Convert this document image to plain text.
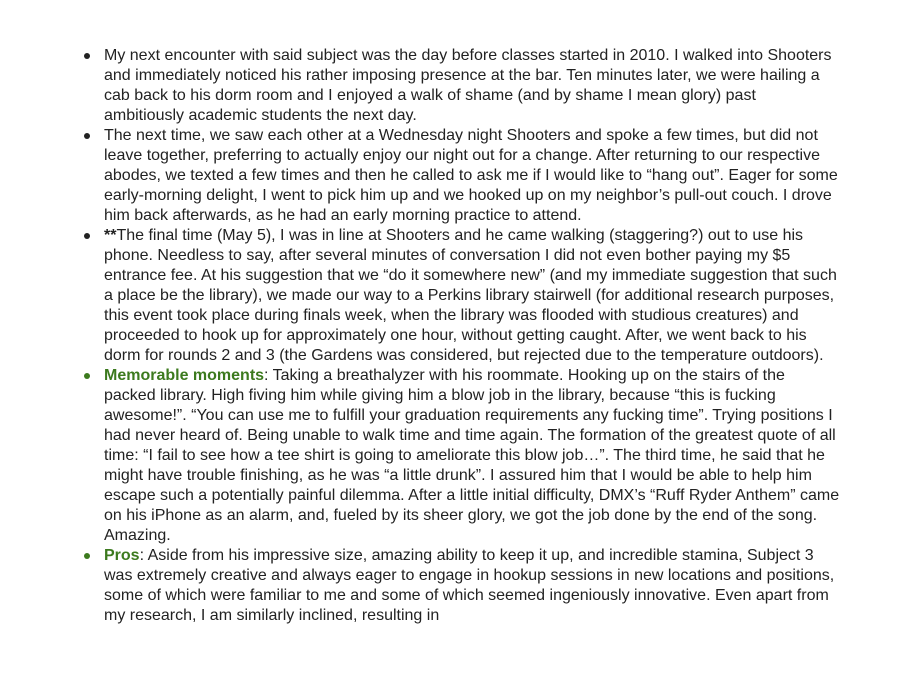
My next encounter with said subject was the day before classes started in 2010. I walked into Shooters and immediately noticed his rather imposing presence at the bar. Ten minutes later, we were hailing a cab back to his dorm room and I enjoyed a walk of shame (and by shame I mean glory) past ambitiously academic students the next day.
The next time, we saw each other at a Wednesday night Shooters and spoke a few times, but did not leave together, preferring to actually enjoy our night out for a change. After returning to our respective abodes, we texted a few times and then he called to ask me if I would like to “hang out”. Eager for some early-morning delight, I went to pick him up and we hooked up on my neighbor’s pull-out couch. I drove him back afterwards, as he had an early morning practice to attend.
**The final time (May 5), I was in line at Shooters and he came walking (staggering?) out to use his phone. Needless to say, after several minutes of conversation I did not even bother paying my $5 entrance fee. At his suggestion that we “do it somewhere new” (and my immediate suggestion that such a place be the library), we made our way to a Perkins library stairwell (for additional research purposes, this event took place during finals week, when the library was flooded with studious creatures) and proceeded to hook up for approximately one hour, without getting caught. After, we went back to his dorm for rounds 2 and 3 (the Gardens was considered, but rejected due to the temperature outdoors).
Memorable moments: Taking a breathalyzer with his roommate. Hooking up on the stairs of the packed library. High fiving him while giving him a blow job in the library, because “this is fucking awesome!”. “You can use me to fulfill your graduation requirements any fucking time”. Trying positions I had never heard of. Being unable to walk time and time again. The formation of the greatest quote of all time: “I fail to see how a tee shirt is going to ameliorate this blow job…”. The third time, he said that he might have trouble finishing, as he was “a little drunk”. I assured him that I would be able to help him escape such a potentially painful dilemma. After a little initial difficulty, DMX’s “Ruff Ryder Anthem” came on his iPhone as an alarm, and, fueled by its sheer glory, we got the job done by the end of the song. Amazing.
Pros: Aside from his impressive size, amazing ability to keep it up, and incredible stamina, Subject 3 was extremely creative and always eager to engage in hookup sessions in new locations and positions, some of which were familiar to me and some of which seemed ingeniously innovative. Even apart from my research, I am similarly inclined, resulting in
